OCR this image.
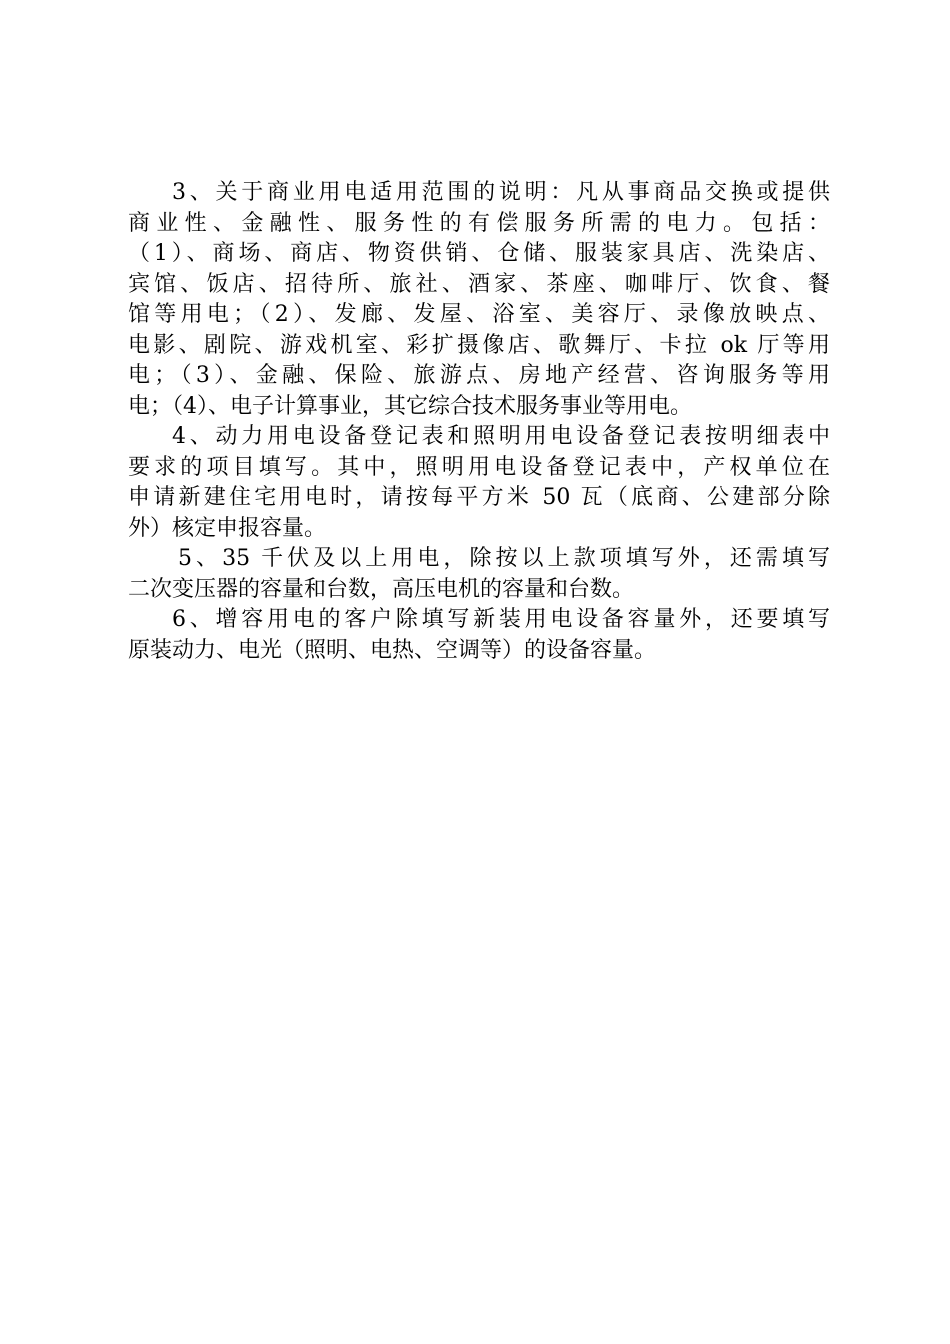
3、关于商业用电适用范围的说明：凡从事商品交换或提供
商业性、金融性、服务性的有偿服务所需的电力。包括：
（1）、商场、商店、物资供销、仓储、服装家具店、洗染店、
宾馆、饭店、招待所、旅社、酒家、茶座、咖啡厅、饮食、餐
馆等用电；（2）、发廊、发屋、浴室、美容厅、录像放映点、
电影、剧院、游戏机室、彩扩摄像店、歌舞厅、卡拉 ok 厅等用
电；（3）、金融、保险、旅游点、房地产经营、咨询服务等用
电；（4）、电子计算事业，其它综合技术服务事业等用电。
4、动力用电设备登记表和照明用电设备登记表按明细表中
要求的项目填写。其中，照明用电设备登记表中，产权单位在
申请新建住宅用电时，请按每平方米 50 瓦（底商、公建部分除
外）核定申报容量。
5、35 千伏及以上用电，除按以上款项填写外，还需填写
二次变压器的容量和台数，高压电机的容量和台数。
6、增容用电的客户除填写新装用电设备容量外，还要填写
原装动力、电光（照明、电热、空调等）的设备容量。
